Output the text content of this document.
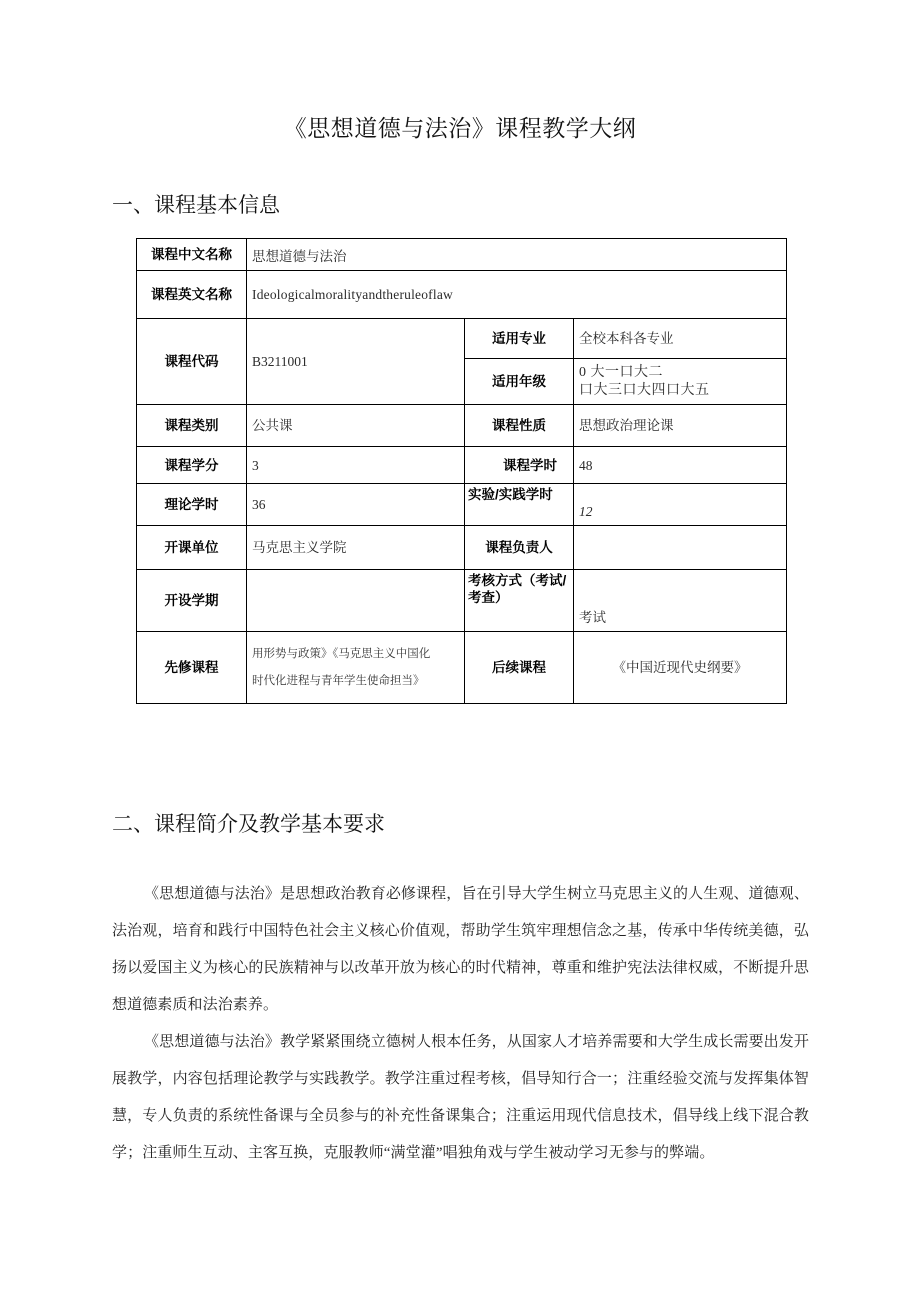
《思想道德与法治》课程教学大纲
一、课程基本信息
课程中文名称	思想道德与法治		
课程英文名称	Ideologicalmoralityandtheruleoflaw		
课程代码	B3211001	适用专业	全校本科各专业
		适用年级	0 大一口大二
口大三口大四口大五

课程类别	公共课	课程性质	思想政治理论课
课程学分	3	课程学时	48
理论学时	36	实验/实践学时	12
开课单位	马克思主义学院	课程负责人	
开设学期		考核方式（考试/考查）	考试
先修课程	用形势与政策》《马克思主义中国化
时代化进程与青年学生使命担当》	后续课程	《中国近现代史纲要》
二、课程简介及教学基本要求
《思想道德与法治》是思想政治教育必修课程，旨在引导大学生树立马克思主义的人生观、道德观、法治观，培育和践行中国特色社会主义核心价值观，帮助学生筑牢理想信念之基，传承中华传统美德，弘扬以爱国主义为核心的民族精神与以改革开放为核心的时代精神，尊重和维护宪法法律权威，不断提升思想道德素质和法治素养。
《思想道德与法治》教学紧紧围绕立德树人根本任务，从国家人才培养需要和大学生成长需要出发开展教学，内容包括理论教学与实践教学。教学注重过程考核，倡导知行合一；注重经验交流与发挥集体智慧，专人负责的系统性备课与全员参与的补充性备课集合；注重运用现代信息技术，倡导线上线下混合教学；注重师生互动、主客互换，克服教师“满堂灌”唱独角戏与学生被动学习无参与的弊端。
